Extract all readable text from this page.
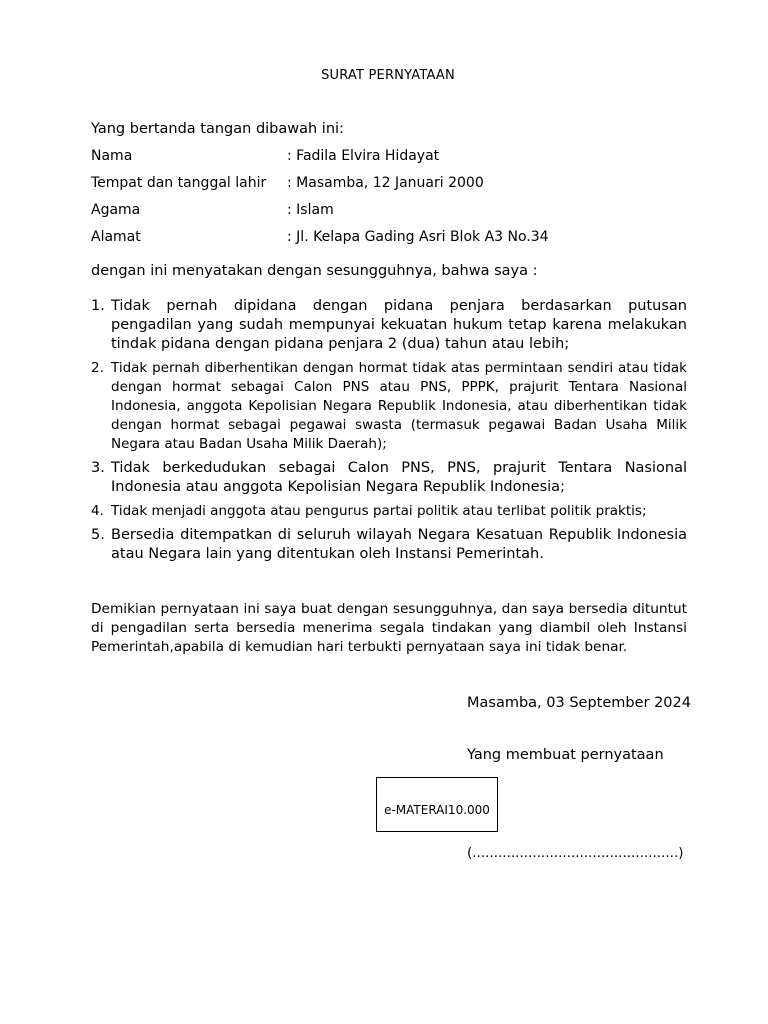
SURAT PERNYATAAN
Yang bertanda tangan dibawah ini:
Nama	: Fadila Elvira Hidayat
Tempat dan tanggal lahir	: Masamba, 12 Januari 2000
Agama	: Islam
Alamat	: Jl. Kelapa Gading Asri Blok A3 No.34
dengan ini menyatakan dengan sesungguhnya, bahwa saya :
1. Tidak pernah dipidana dengan pidana penjara berdasarkan putusan pengadilan yang sudah mempunyai kekuatan hukum tetap karena melakukan tindak pidana dengan pidana penjara 2 (dua) tahun atau lebih;
2. Tidak pernah diberhentikan dengan hormat tidak atas permintaan sendiri atau tidak dengan hormat sebagai Calon PNS atau PNS, PPPK, prajurit Tentara Nasional Indonesia, anggota Kepolisian Negara Republik Indonesia, atau diberhentikan tidak dengan hormat sebagai pegawai swasta (termasuk pegawai Badan Usaha Milik Negara atau Badan Usaha Milik Daerah);
3. Tidak berkedudukan sebagai Calon PNS, PNS, prajurit Tentara Nasional Indonesia atau anggota Kepolisian Negara Republik Indonesia;
4. Tidak menjadi anggota atau pengurus partai politik atau terlibat politik praktis;
5. Bersedia ditempatkan di seluruh wilayah Negara Kesatuan Republik Indonesia atau Negara lain yang ditentukan oleh Instansi Pemerintah.
Demikian pernyataan ini saya buat dengan sesungguhnya, dan saya bersedia dituntut di pengadilan serta bersedia menerima segala tindakan yang diambil oleh Instansi Pemerintah,apabila di kemudian hari terbukti pernyataan saya ini tidak benar.
Masamba, 03 September 2024
Yang membuat pernyataan
e-MATERAI10.000
(................................................)
